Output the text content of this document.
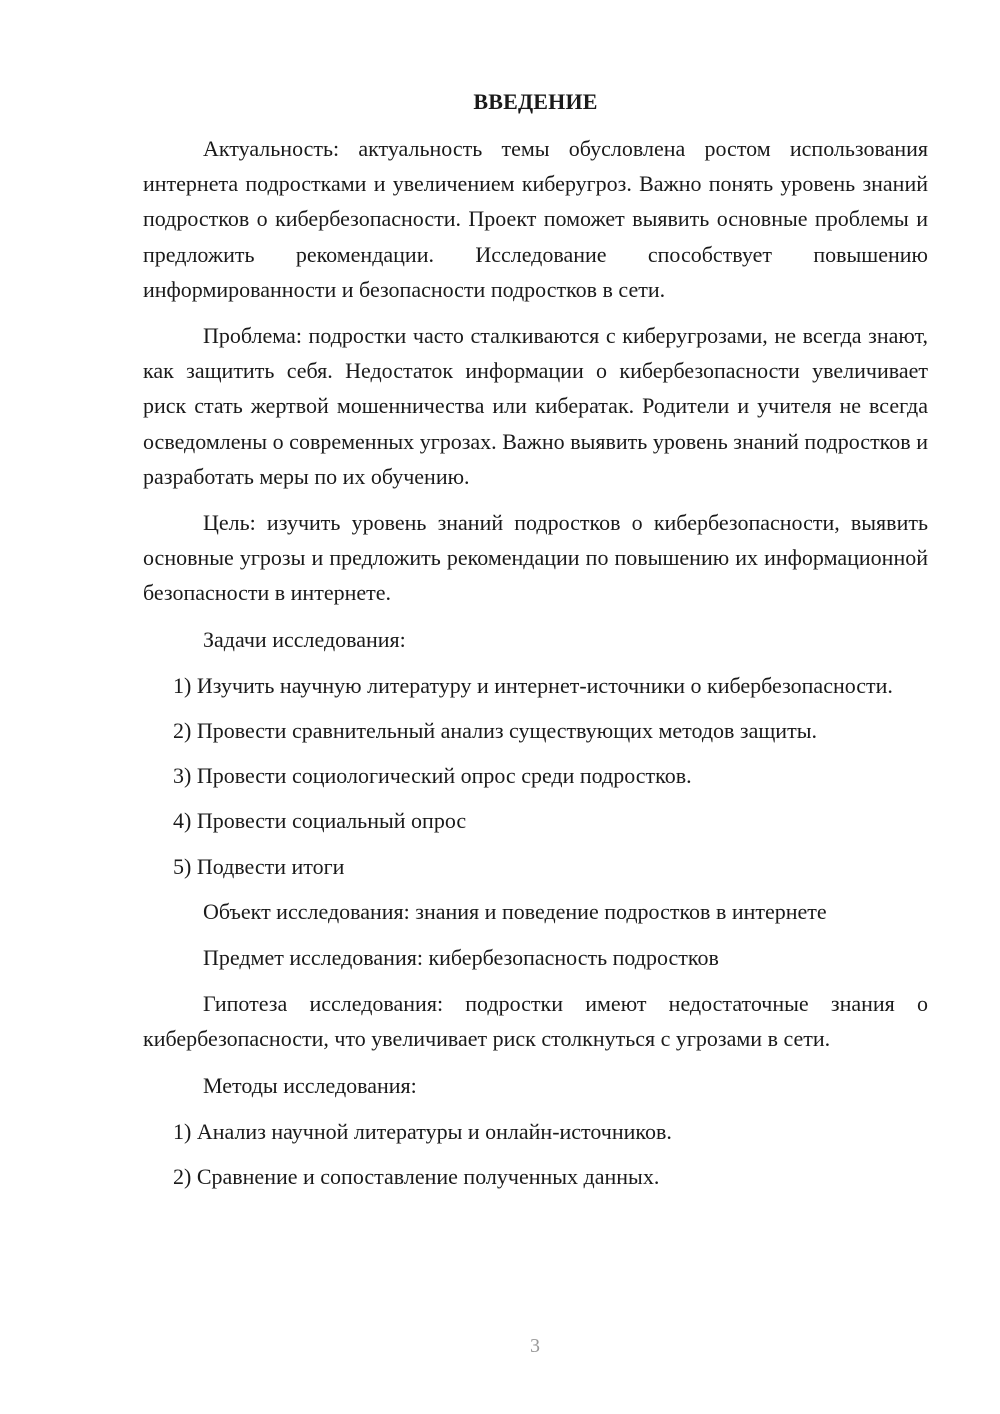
ВВЕДЕНИЕ

Актуальность: актуальность темы обусловлена ростом использования интернета подростками и увеличением киберугроз. Важно понять уровень знаний подростков о кибербезопасности. Проект поможет выявить основные проблемы и предложить рекомендации. Исследование способствует повышению информированности и безопасности подростков в сети.

Проблема: подростки часто сталкиваются с киберугрозами, не всегда знают, как защитить себя. Недостаток информации о кибербезопасности увеличивает риск стать жертвой мошенничества или кибератак. Родители и учителя не всегда осведомлены о современных угрозах. Важно выявить уровень знаний подростков и разработать меры по их обучению.

Цель: изучить уровень знаний подростков о кибербезопасности, выявить основные угрозы и предложить рекомендации по повышению их информационной безопасности в интернете.

Задачи исследования:

1) Изучить научную литературу и интернет-источники о кибербезопасности.

2) Провести сравнительный анализ существующих методов защиты.

3) Провести социологический опрос среди подростков.

4) Провести социальный опрос

5) Подвести итоги

Объект исследования: знания и поведение подростков в интернете

Предмет исследования: кибербезопасность подростков

Гипотеза исследования: подростки имеют недостаточные знания о кибербезопасности, что увеличивает риск столкнуться с угрозами в сети.

Методы исследования:

1) Анализ научной литературы и онлайн-источников.

2) Сравнение и сопоставление полученных данных.

3
